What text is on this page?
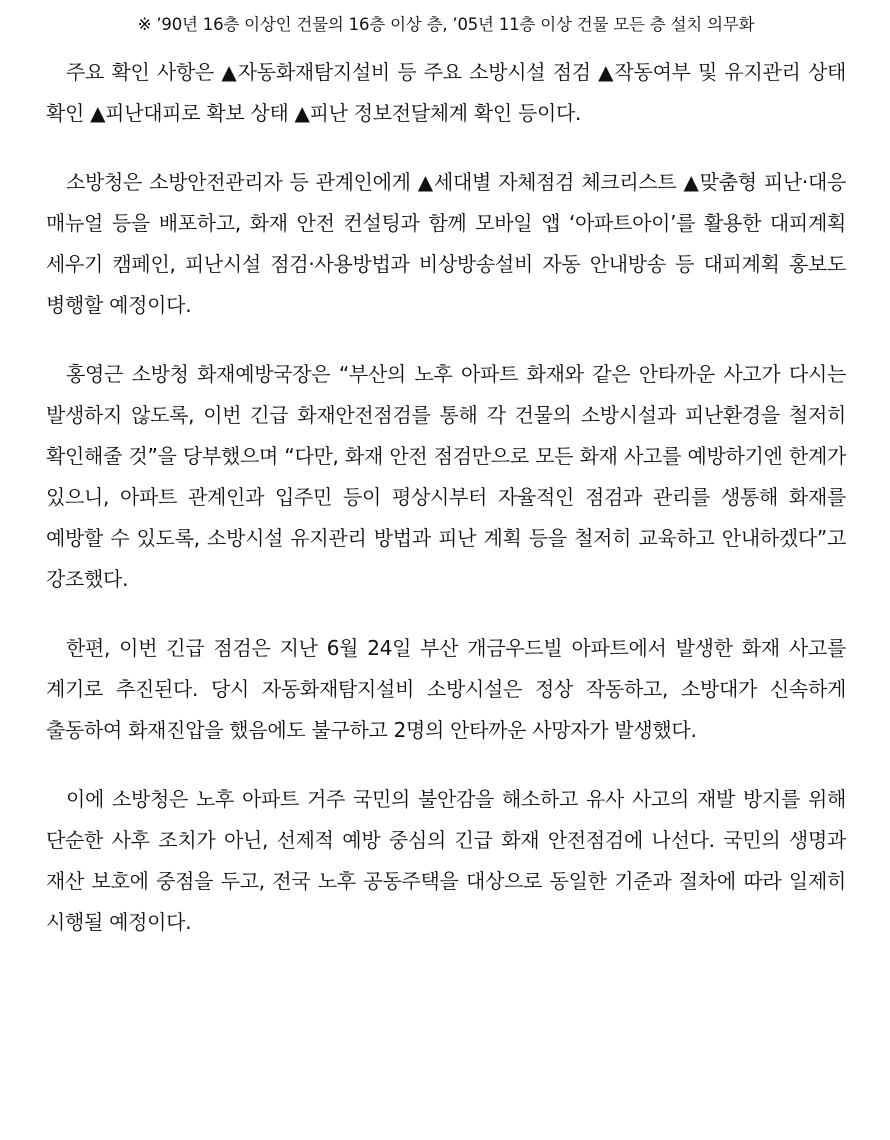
※ ’90년 16층 이상인 건물의 16층 이상 층, ’05년 11층 이상 건물 모든 층 설치 의무화

주요 확인 사항은 ▲자동화재탐지설비 등 주요 소방시설 점검 ▲작동여부 및 유지관리 상태 확인 ▲피난대피로 확보 상태 ▲피난 정보전달체계 확인 등이다.

소방청은 소방안전관리자 등 관계인에게 ▲세대별 자체점검 체크리스트 ▲맞춤형 피난·대응 매뉴얼 등을 배포하고, 화재 안전 컨설팅과 함께 모바일 앱 ‘아파트아이’를 활용한 대피계획 세우기 캠페인, 피난시설 점검·사용방법과 비상방송설비 자동 안내방송 등 대피계획 홍보도 병행할 예정이다.

홍영근 소방청 화재예방국장은 “부산의 노후 아파트 화재와 같은 안타까운 사고가 다시는 발생하지 않도록, 이번 긴급 화재안전점검를 통해 각 건물의 소방시설과 피난환경을 철저히 확인해줄 것”을 당부했으며 “다만, 화재 안전 점검만으로 모든 화재 사고를 예방하기엔 한계가 있으니, 아파트 관계인과 입주민 등이 평상시부터 자율적인 점검과 관리를 생통해 화재를 예방할 수 있도록, 소방시설 유지관리 방법과 피난 계획 등을 철저히 교육하고 안내하겠다”고 강조했다.

한편, 이번 긴급 점검은 지난 6월 24일 부산 개금우드빌 아파트에서 발생한 화재 사고를 계기로 추진된다. 당시 자동화재탐지설비 소방시설은 정상 작동하고, 소방대가 신속하게 출동하여 화재진압을 했음에도 불구하고 2명의 안타까운 사망자가 발생했다.

이에 소방청은 노후 아파트 거주 국민의 불안감을 해소하고 유사 사고의 재발 방지를 위해 단순한 사후 조치가 아닌, 선제적 예방 중심의 긴급 화재 안전점검에 나선다. 국민의 생명과 재산 보호에 중점을 두고, 전국 노후 공동주택을 대상으로 동일한 기준과 절차에 따라 일제히 시행될 예정이다.
